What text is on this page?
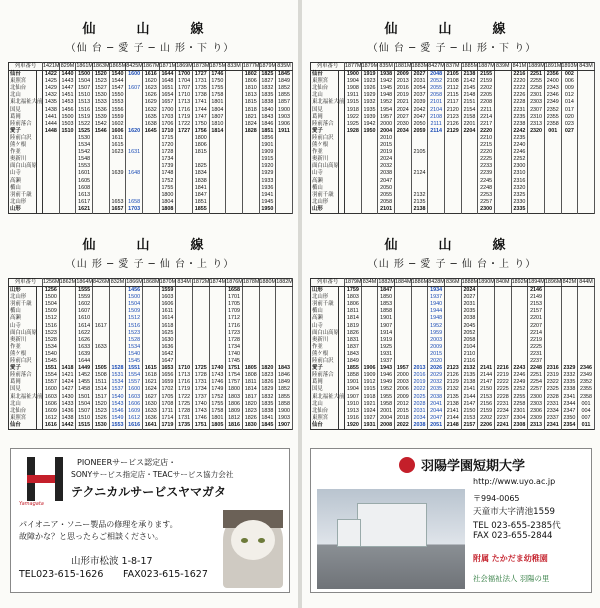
仙　山　線
（仙 台 ─ 愛 子 ─ 山 形・下 り）
列車番号		1421M	829M	1861M	1863M	1865M	8425M	1867M	1871M	1869M	1873M	1875M	833M	1877M	1879M	835M
仙台		1422	1440	1500	1520	1540	1600	1616	1644	1700	1727	1746		1802	1825	1845
東照宮		1425	1443	1504	1523	1544		1620	1648	1704	1731	1750		1806	1827	1849
北仙台		1429	1447	1507	1527	1547	1607	1623	1651	1707	1735	1755		1810	1832	1852
北山		1432	1451	1510	1530	1550		1626	1654	1710	1738	1758		1813	1835	1855
東北福祉大前		1435	1453	1513	1533	1553		1629	1657	1713	1741	1801		1815	1838	1857
国見		1438	1456	1516	1536	1556		1632	1700	1716	1744	1804		1818	1840	1900
葛岡		1441	1500	1519	1539	1559		1635	1703	1719	1747	1807		1821	1843	1903
陸前落合		1444	1503	1522	1542	1602		1638	1706	1722	1750	1810		1824	1846	1906
愛子		1448	1510	1525	1546	1606	1620	1645	1710	1727	1756	1814		1828	1851	1911
陸前白沢				1530		1611			1715		1800				1856	
熊ケ根				1534		1615			1720		1806				1901	
作並				1542		1623	1631		1728		1815				1909	
奥新川				1548					1734						1915	
面白山高原				1553					1739		1825				1920	
山寺				1601		1639	1648		1748		1834				1929	
高瀬				1605					1752		1838				1933	
楯山				1608					1755		1841				1936	
羽前千歳				1613					1800		1847				1941	
北山形				1617		1653	1658		1804		1851				1945	
山形				1621		1657	1703		1808		1855				1950	
仙　山　線
（山 形 ─ 愛 子 ─ 仙 台・上 り）
列車番号		1256M	1862M	1864M	8426M	832M	1866M	1868M	1870M	834M	1872M	1874M	1876M	1878M	1880M	1882M
山形		1256		1555			1456		1559				1658			
北山形		1500		1559			1500		1603				1701			
羽前千歳		1504		1602			1504		1606				1705			
楯山		1509		1607			1509		1611				1709			
高瀬		1512		1610			1512		1614				1712			
山寺		1516		1614	1617		1516		1618				1716			
面白山高原		1523		1622			1523		1625				1723			
奥新川		1528		1626			1528		1630				1728			
作並		1534		1633	1633		1534		1636				1734			
熊ケ根		1540		1639			1540		1642				1740			
陸前白沢		1545		1644			1545		1647				1745			
愛子		1551	1418	1449	1505	1528	1551	1615	1653	1710	1725	1740	1751	1805	1820	1843
陸前落合		1554	1421	1452	1508	1531	1554	1618	1656	1713	1728	1743	1754	1808	1823	1846
葛岡		1557	1424	1455	1511	1534	1557	1621	1659	1716	1731	1746	1757	1811	1826	1849
国見		1600	1427	1458	1514	1537	1600	1624	1702	1719	1734	1749	1800	1814	1829	1852
東北福祉大前		1603	1430	1501	1517	1540	1603	1627	1705	1722	1737	1752	1803	1817	1832	1855
北山		1606	1433	1504	1520	1543	1606	1630	1708	1725	1740	1755	1806	1820	1835	1858
北仙台		1609	1436	1507	1523	1546	1609	1633	1711	1728	1743	1758	1809	1823	1838	1900
東照宮		1612	1438	1510	1526	1549	1612	1636	1714	1731	1746	1801	1812	1826	1841	1903
仙台		1616	1442	1515	1530	1553	1616	1641	1719	1735	1751	1805	1816	1830	1845	1907
Yamagata
PIONEERサービス認定店・
SONYサービス指定店・TEACサービス協力会社
テクニカルサービスヤマガタ
パイオニア・ソニー製品の修理を承ります。
故障かな？と思ったらご相談ください。
山形市松波 1-8-17
TEL023-615-1626 FAX023-615-1627
仙　山　線
（仙 台 ─ 愛 子 ─ 山 形・下 り）
列車番号		1877M	1879M	835M	1881M	1883M	8427M	837M	1885M	1887M	839M	841M	1889M	1891M	1893M	843M
仙台		1900	1919	1938	2009	2027	2048	2105	2138	2155		2216	2251	2356	002	
東照宮		1904	1923	1942	2013	2031	2052	2108	2142	2159		2220	2255	2400	006	
北仙台		1908	1926	1945	2016	2054	2055	2112	2145	2202		2222	2258	2343	009	
北山		1911	1929	1948	2019	2037	2058	2115	2148	2205		2226	2301	2346	012	
東北福祉大前		1915	1932	1952	2021	2039	2101	2117	2151	2208		2228	2303	2349	014	
国見		1918	1935	1954	2024	2042	2104	2120	2154	2211		2231	2307	2352	017	
葛岡		1922	1939	1957	2027	2047	2108	2123	2158	2214		2235	2310	2355	020	
陸前落合		1925	1942	2000	2030	2050	2111	2126	2201	2217		2238	2313	2358	023	
愛子		1928	1950	2004	2034	2059	2114	2129	2204	2220		2242	2320	001	027	
陸前白沢				2010						2210		2235				
熊ケ根				2015						2215		2240				
作並				2019		2105				2220		2246				
奥新川				2024						2225		2252				
面白山高原				2032						2233		2300				
山寺				2038		2124				2239		2310				
高瀬				2047						2245		2316				
楯山				2050						2248		2320				
羽前千歳				2055		2132				2253		2325				
北山形				2058		2135				2257		2330				
山形				2101		2138				2300		2335				
仙　山　線
（山 形 ─ 愛 子 ─ 仙 台・上 り）
列車番号		1879M	834M	1882M	1884M	1886M	8428M	836M	1888M	1890M	840M	1892M	1894M	1896M	842M	844M
山形		1759		1847			1934		2024				2146			
北山形		1803		1850			1937		2027				2149			
羽前千歳		1806		1853			1940		2031				2153			
楯山		1811		1858			1944		2035				2157			
高瀬		1814		1901			1948		2038				2201			
山寺		1819		1907			1952		2045				2207			
面白山高原		1826		1914			1959		2052				2214			
奥新川		1831		1919			2003		2058				2219			
作並		1837		1925			2009		2104				2225			
熊ケ根		1843		1931			2015		2110				2231			
陸前白沢		1849		1937			2020		2116				2237			
愛子		1855	1906	1943	1957	2013	2026	2123	2132	2141	2216	2243	2248	2316	2329	2346
陸前落合		1858	1909	1946	2000	2016	2029	2126	2135	2144	2219	2246	2251	2319	2332	2349
葛岡		1901	1912	1949	2003	2019	2032	2129	2138	2147	2222	2249	2254	2322	2335	2352
国見		1904	1915	1952	2006	2022	2035	2132	2141	2150	2225	2252	2257	2325	2338	2355
東北福祉大前		1907	1918	1955	2009	2025	2038	2135	2144	2153	2228	2255	2300	2328	2341	2358
北山		1910	1921	1958	2012	2028	2041	2138	2147	2156	2231	2258	2303	2331	2344	001
北仙台		1913	1924	2001	2015	2031	2044	2141	2150	2159	2234	2301	2306	2334	2347	004
東照宮		1916	1927	2004	2018	2034	2047	2144	2153	2202	2237	2304	2309	2337	2350	007
仙台		1920	1931	2008	2022	2038	2051	2148	2157	2206	2241	2308	2313	2341	2354	011
羽陽学園短期大学
http://www.uyo.ac.jp
〒994-0065
天童市大字清池1559
TEL 023-655-2385代
FAX 023-655-2844
附属 たかだま幼稚園
社会福祉法人 羽陽の里
